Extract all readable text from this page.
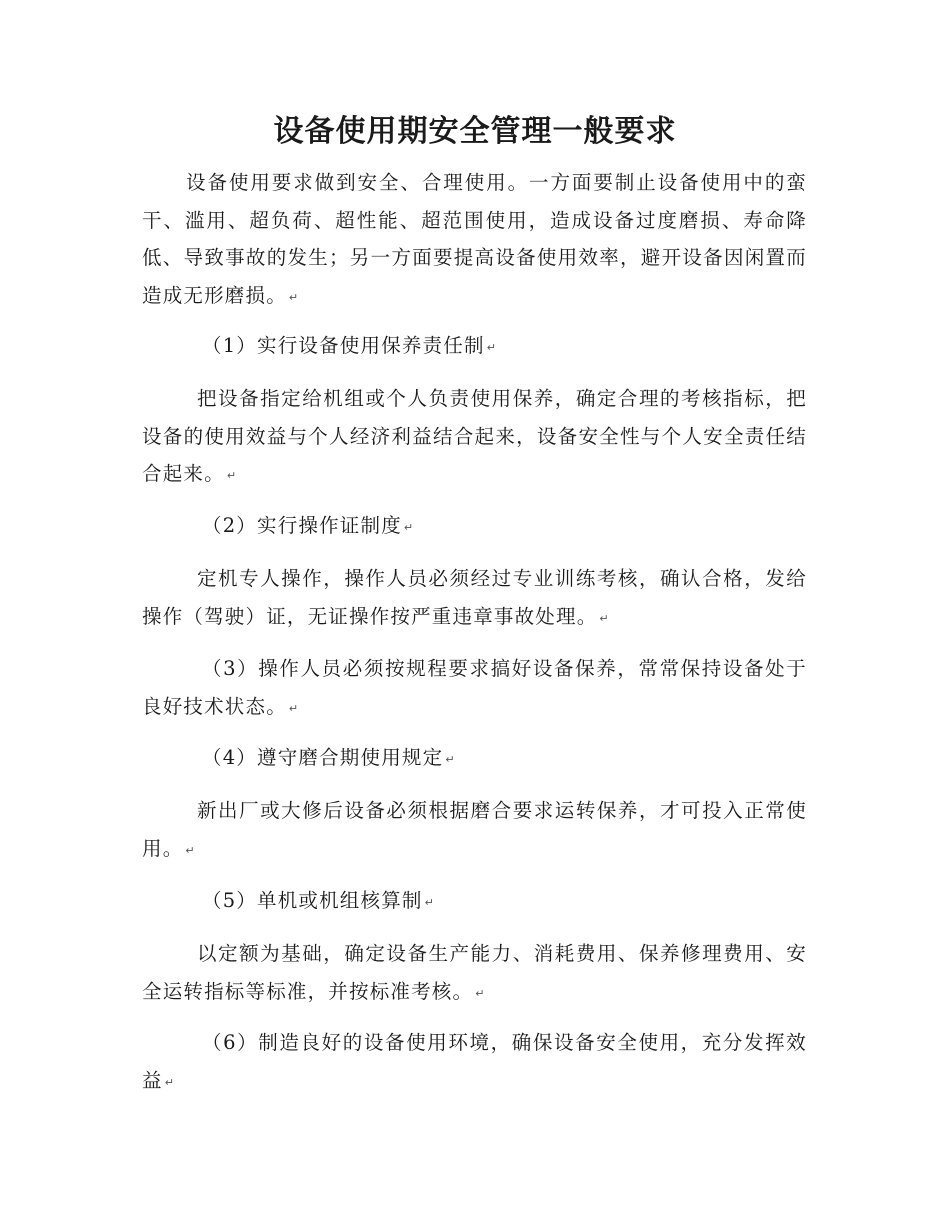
设备使用期安全管理一般要求

设备使用要求做到安全、合理使用。一方面要制止设备使用中的蛮干、滥用、超负荷、超性能、超范围使用，造成设备过度磨损、寿命降低、导致事故的发生；另一方面要提高设备使用效率，避开设备因闲置而造成无形磨损。 ↵

（1）实行设备使用保养责任制 ↵

把设备指定给机组或个人负责使用保养，确定合理的考核指标，把设备的使用效益与个人经济利益结合起来，设备安全性与个人安全责任结合起来。 ↵

（2）实行操作证制度 ↵

定机专人操作，操作人员必须经过专业训练考核，确认合格，发给操作（驾驶）证，无证操作按严重违章事故处理。 ↵

（3）操作人员必须按规程要求搞好设备保养，常常保持设备处于良好技术状态。 ↵

（4）遵守磨合期使用规定 ↵

新出厂或大修后设备必须根据磨合要求运转保养，才可投入正常使用。 ↵

（5）单机或机组核算制 ↵

以定额为基础，确定设备生产能力、消耗费用、保养修理费用、安全运转指标等标准，并按标准考核。 ↵

（6）制造良好的设备使用环境，确保设备安全使用，充分发挥效益 ↵
